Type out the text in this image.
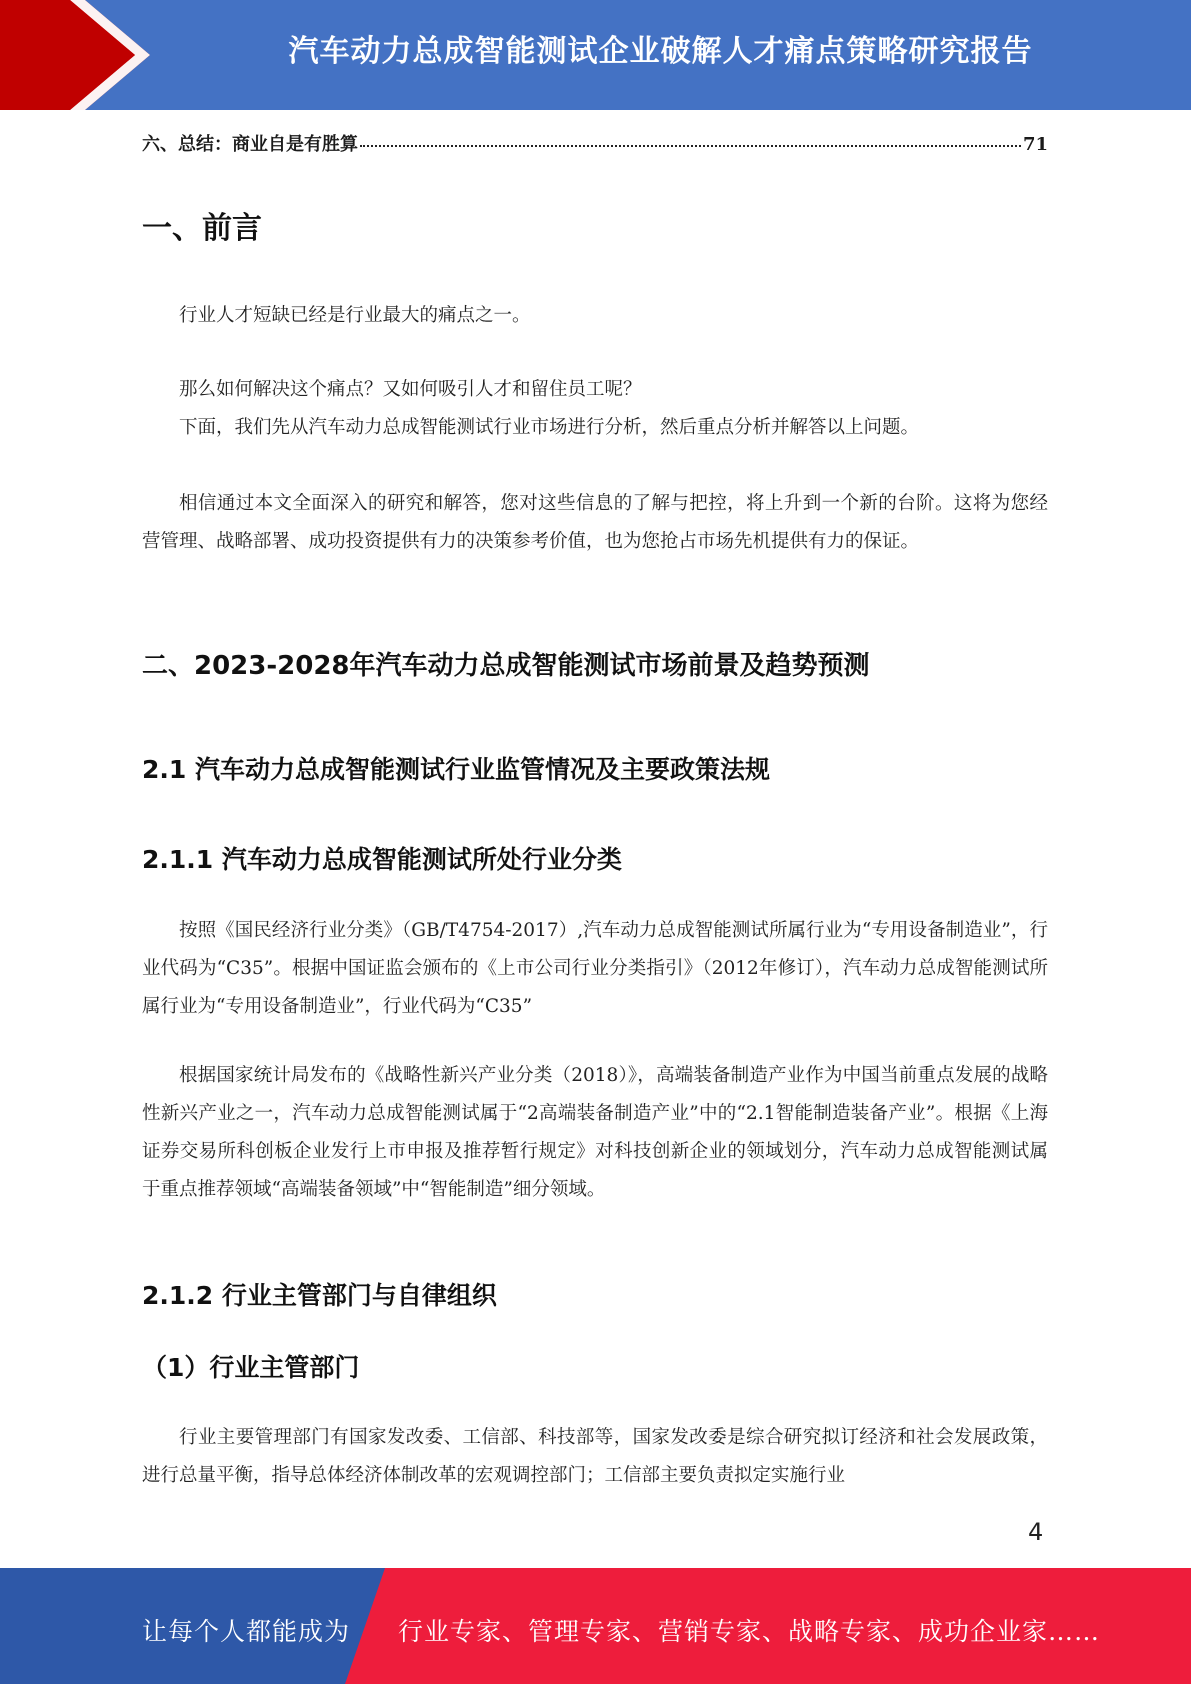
汽车动力总成智能测试企业破解人才痛点策略研究报告
六、总结：商业自是有胜算	71
一、前言

行业人才短缺已经是行业最大的痛点之一。

那么如何解决这个痛点？又如何吸引人才和留住员工呢？

下面，我们先从汽车动力总成智能测试行业市场进行分析，然后重点分析并解答以上问题。

相信通过本文全面深入的研究和解答，您对这些信息的了解与把控，将上升到一个新的台阶。这将为您经营管理、战略部署、成功投资提供有力的决策参考价值，也为您抢占市场先机提供有力的保证。

二、2023-2028年汽车动力总成智能测试市场前景及趋势预测
2.1 汽车动力总成智能测试行业监管情况及主要政策法规
2.1.1 汽车动力总成智能测试所处行业分类

按照《国民经济行业分类》（GB/T4754-2017）,汽车动力总成智能测试所属行业为“专用设备制造业”，行业代码为“C35”。根据中国证监会颁布的《上市公司行业分类指引》（2012年修订），汽车动力总成智能测试所属行业为“专用设备制造业”，行业代码为“C35”

根据国家统计局发布的《战略性新兴产业分类（2018）》，高端装备制造产业作为中国当前重点发展的战略性新兴产业之一，汽车动力总成智能测试属于“2高端装备制造产业”中的“2.1智能制造装备产业”。根据《上海证券交易所科创板企业发行上市申报及推荐暂行规定》对科技创新企业的领域划分，汽车动力总成智能测试属于重点推荐领域“高端装备领域”中“智能制造”细分领域。

2.1.2 行业主管部门与自律组织
（1）行业主管部门

行业主要管理部门有国家发改委、工信部、科技部等，国家发改委是综合研究拟订经济和社会发展政策，进行总量平衡，指导总体经济体制改革的宏观调控部门；工信部主要负责拟定实施行业

4
让每个人都能成为 行业专家、管理专家、营销专家、战略专家、成功企业家……
